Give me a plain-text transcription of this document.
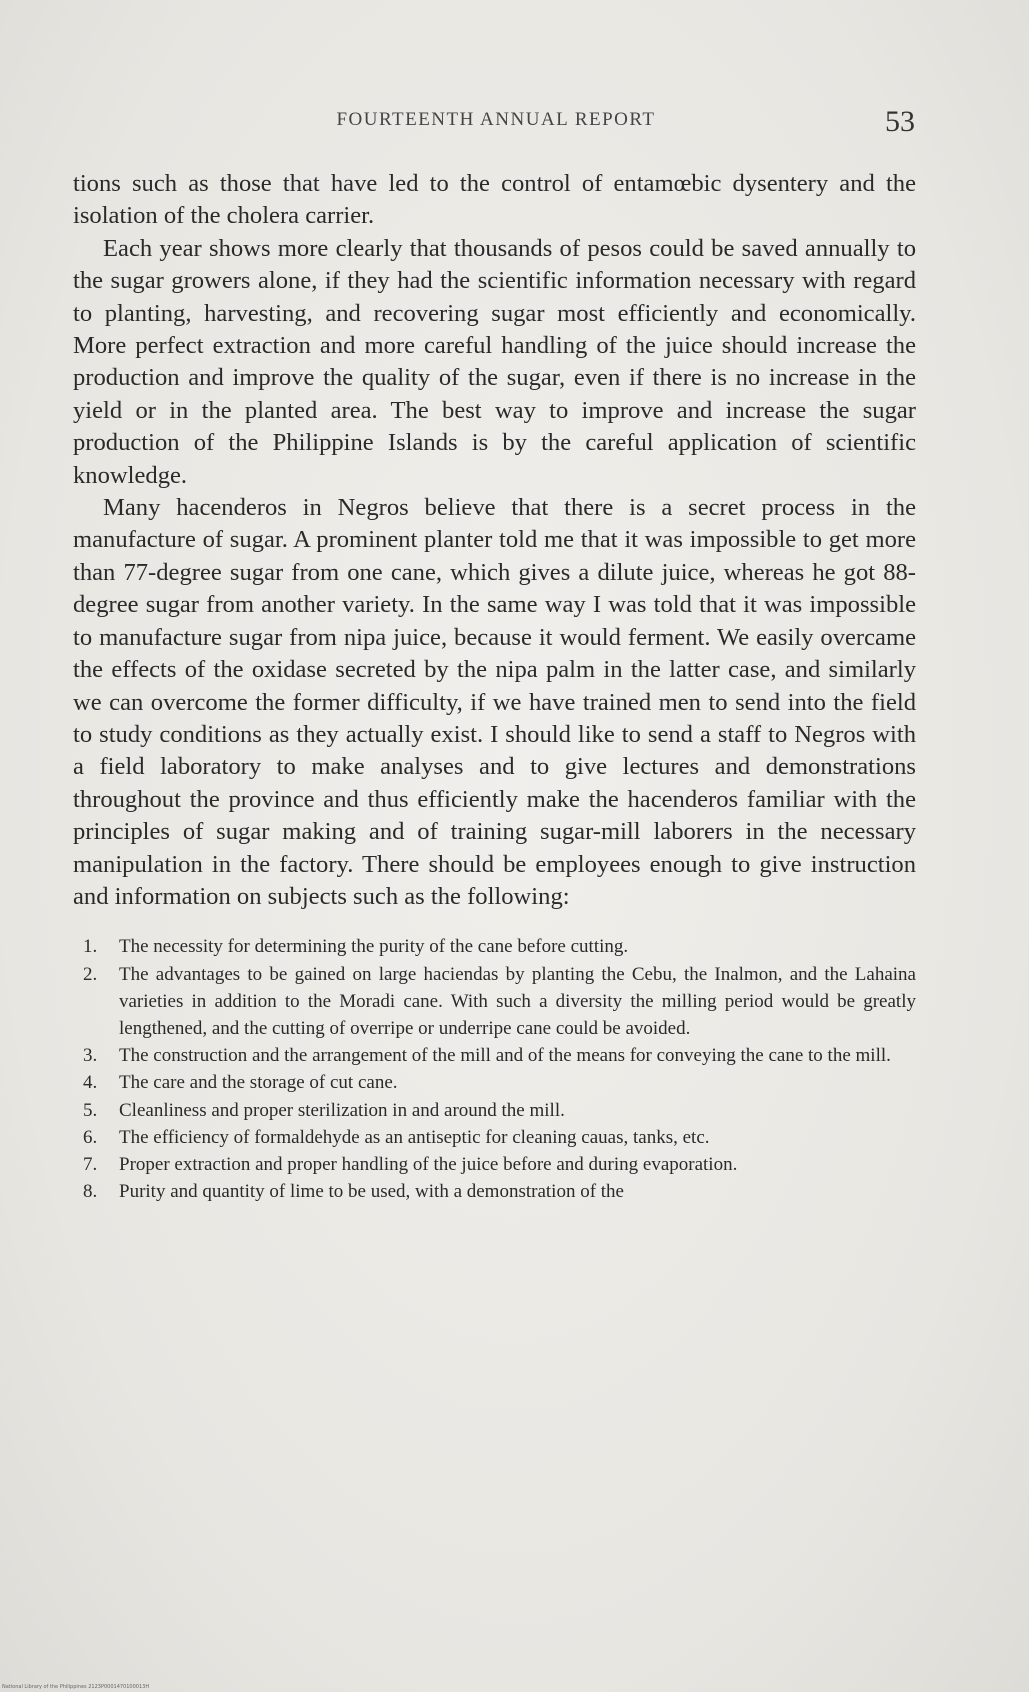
FOURTEENTH ANNUAL REPORT	53

tions such as those that have led to the control of entamœbic dysentery and the isolation of the cholera carrier.

Each year shows more clearly that thousands of pesos could be saved annually to the sugar growers alone, if they had the scientific information necessary with regard to planting, harvesting, and recovering sugar most efficiently and economically. More perfect extraction and more careful handling of the juice should increase the production and improve the quality of the sugar, even if there is no increase in the yield or in the planted area. The best way to improve and increase the sugar production of the Philippine Islands is by the careful application of scientific knowledge.

Many hacenderos in Negros believe that there is a secret process in the manufacture of sugar. A prominent planter told me that it was impossible to get more than 77-degree sugar from one cane, which gives a dilute juice, whereas he got 88-degree sugar from another variety. In the same way I was told that it was impossible to manufacture sugar from nipa juice, because it would ferment. We easily overcame the effects of the oxidase secreted by the nipa palm in the latter case, and similarly we can overcome the former difficulty, if we have trained men to send into the field to study conditions as they actually exist. I should like to send a staff to Negros with a field laboratory to make analyses and to give lectures and demonstrations throughout the province and thus efficiently make the hacenderos familiar with the principles of sugar making and of training sugar-mill laborers in the necessary manipulation in the factory. There should be employees enough to give instruction and information on subjects such as the following:

1.	The necessity for determining the purity of the cane before cutting.
2.	The advantages to be gained on large haciendas by planting the Cebu, the Inalmon, and the Lahaina varieties in addition to the Moradi cane. With such a diversity the milling period would be greatly lengthened, and the cutting of overripe or underripe cane could be avoided.
3.	The construction and the arrangement of the mill and of the means for conveying the cane to the mill.
4.	The care and the storage of cut cane.
5.	Cleanliness and proper sterilization in and around the mill.
6.	The efficiency of formaldehyde as an antiseptic for cleaning cauas, tanks, etc.
7.	Proper extraction and proper handling of the juice before and during evaporation.
8.	Purity and quantity of lime to be used, with a demonstration of the
National Library of the Philippines 2123P0001470100013H
